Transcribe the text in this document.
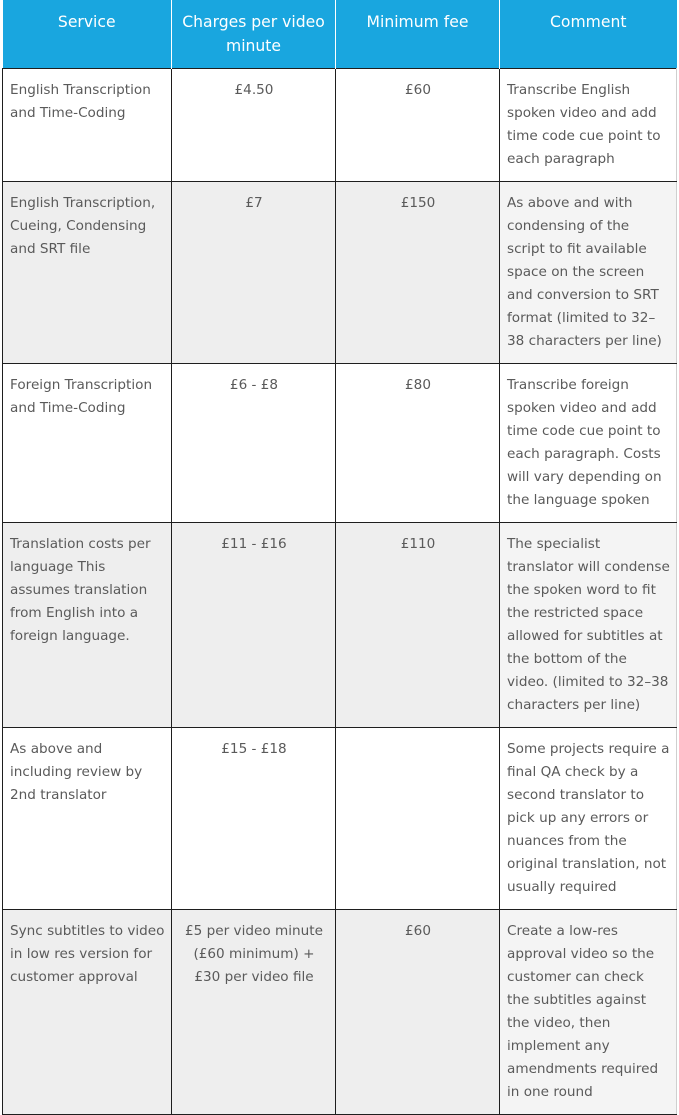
Service	Charges per video minute	Minimum fee	Comment
English Transcription and Time-Coding	£4.50	£60	Transcribe English spoken video and add time code cue point to each paragraph
English Transcription, Cueing, Condensing and SRT file	£7	£150	As above and with condensing of the script to fit available space on the screen and conversion to SRT format (limited to 32–38 characters per line)
Foreign Transcription and Time-Coding	£6 - £8	£80	Transcribe foreign spoken video and add time code cue point to each paragraph. Costs will vary depending on the language spoken
Translation costs per language This assumes translation from English into a foreign language.	£11 - £16	£110	The specialist translator will condense the spoken word to fit the restricted space allowed for subtitles at the bottom of the video. (limited to 32–38 characters per line)
As above and including review by 2nd translator	£15 - £18		Some projects require a final QA check by a second translator to pick up any errors or nuances from the original translation, not usually required
Sync subtitles to video in low res version for customer approval	£5 per video minute (£60 minimum) + £30 per video file	£60	Create a low-res approval video so the customer can check the subtitles against the video, then implement any amendments required in one round
